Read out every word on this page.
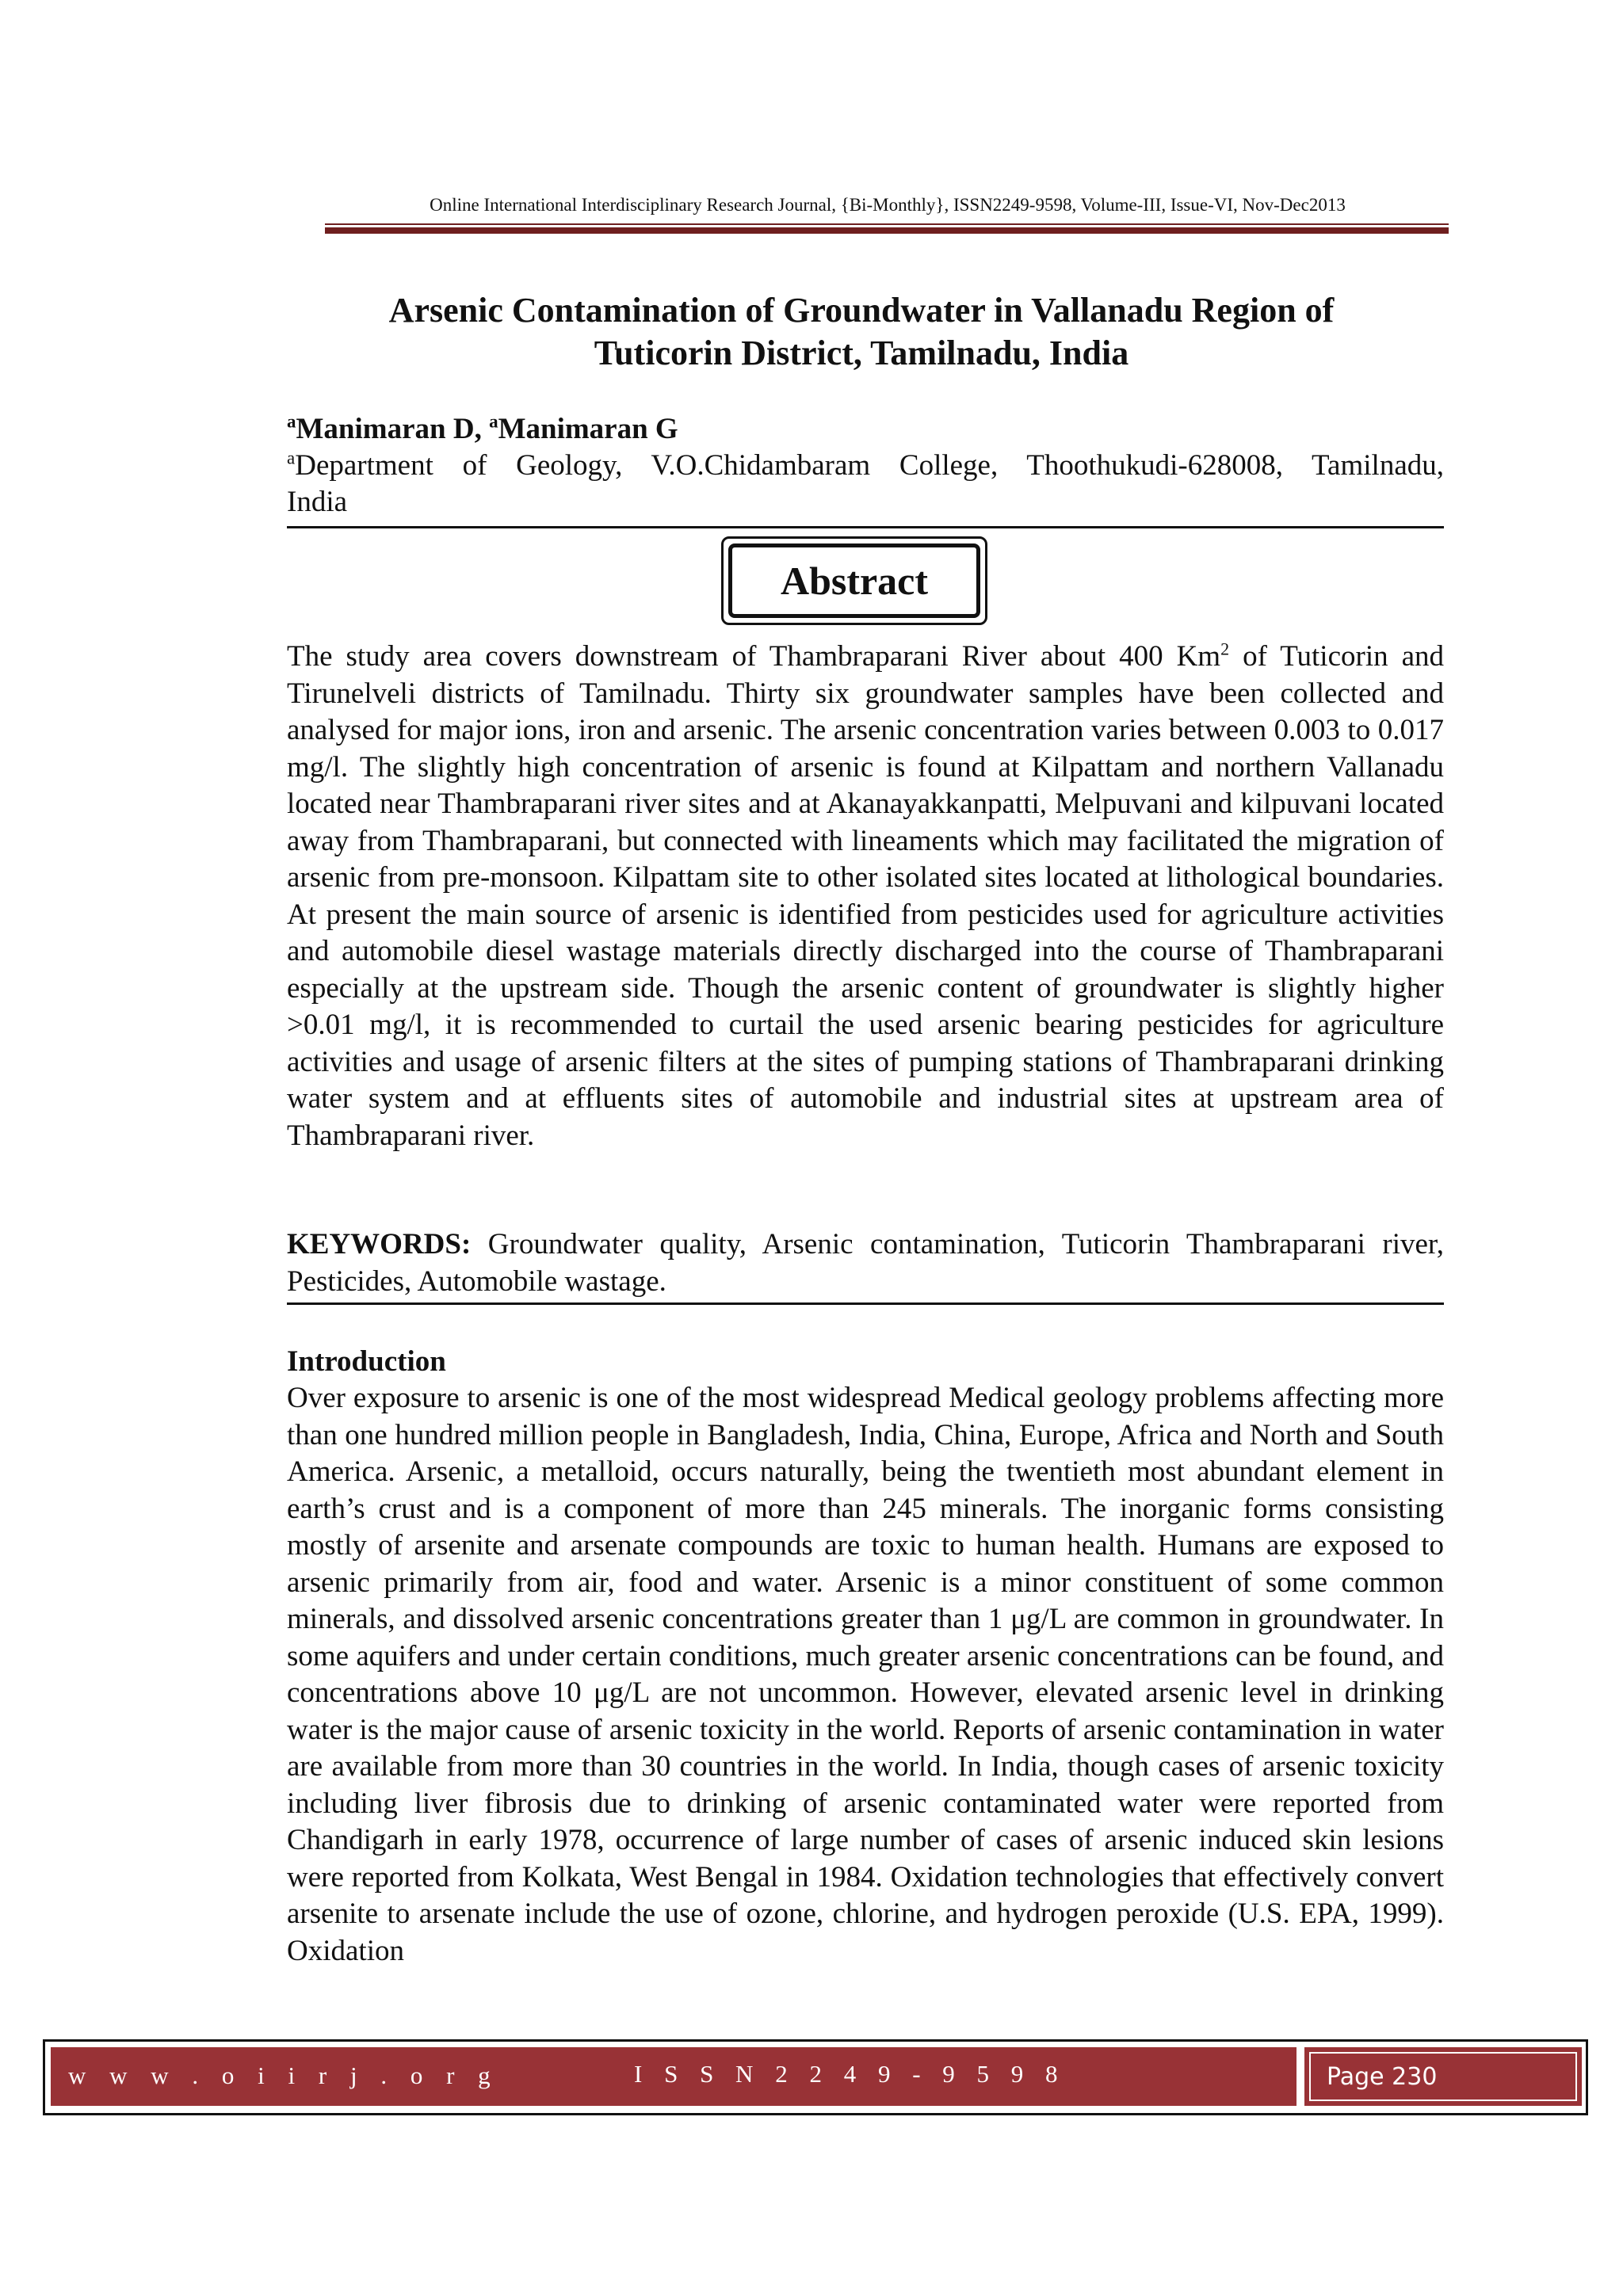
Online International Interdisciplinary Research Journal, {Bi-Monthly}, ISSN2249-9598, Volume-III, Issue-VI, Nov-Dec2013
Arsenic Contamination of Groundwater in Vallanadu Region of
Tuticorin District, Tamilnadu, India
$^a$Manimaran D, $^a$Manimaran G
$^a$Department of Geology, V.O.Chidambaram College, Thoothukudi-628008, Tamilnadu,
India
Abstract
The study area covers downstream of Thambraparani River about 400 Km$^2$ of Tuticorin and Tirunelveli districts of Tamilnadu. Thirty six groundwater samples have been collected and analysed for major ions, iron and arsenic. The arsenic concentration varies between 0.003 to 0.017 mg/l. The slightly high concentration of arsenic is found at Kilpattam and northern Vallanadu located near Thambraparani river sites and at Akanayakkanpatti, Melpuvani and kilpuvani located away from Thambraparani, but connected with lineaments which may facilitated the migration of arsenic from pre-monsoon. Kilpattam site to other isolated sites located at lithological boundaries. At present the main source of arsenic is identified from pesticides used for agriculture activities and automobile diesel wastage materials directly discharged into the course of Thambraparani especially at the upstream side. Though the arsenic content of groundwater is slightly higher >0.01 mg/l, it is recommended to curtail the used arsenic bearing pesticides for agriculture activities and usage of arsenic filters at the sites of pumping stations of Thambraparani drinking water system and at effluents sites of automobile and industrial sites at upstream area of Thambraparani river.
KEYWORDS: Groundwater quality, Arsenic contamination, Tuticorin Thambraparani river, Pesticides, Automobile wastage.
Introduction
Over exposure to arsenic is one of the most widespread Medical geology problems affecting more than one hundred million people in Bangladesh, India, China, Europe, Africa and North and South America. Arsenic, a metalloid, occurs naturally, being the twentieth most abundant element in earth’s crust and is a component of more than 245 minerals. The inorganic forms consisting mostly of arsenite and arsenate compounds are toxic to human health. Humans are exposed to arsenic primarily from air, food and water. Arsenic is a minor constituent of some common minerals, and dissolved arsenic concentrations greater than 1 μg/L are common in groundwater. In some aquifers and under certain conditions, much greater arsenic concentrations can be found, and concentrations above 10 μg/L are not uncommon. However, elevated arsenic level in drinking water is the major cause of arsenic toxicity in the world. Reports of arsenic contamination in water are available from more than 30 countries in the world. In India, though cases of arsenic toxicity including liver fibrosis due to drinking of arsenic contaminated water were reported from Chandigarh in early 1978, occurrence of large number of cases of arsenic induced skin lesions were reported from Kolkata, West Bengal in 1984. Oxidation technologies that effectively convert arsenite to arsenate include the use of ozone, chlorine, and hydrogen peroxide (U.S. EPA, 1999). Oxidation
w w w . o i i r j . o r g	I S S N 2 2 4 9 - 9 5 9 8	Page 230
